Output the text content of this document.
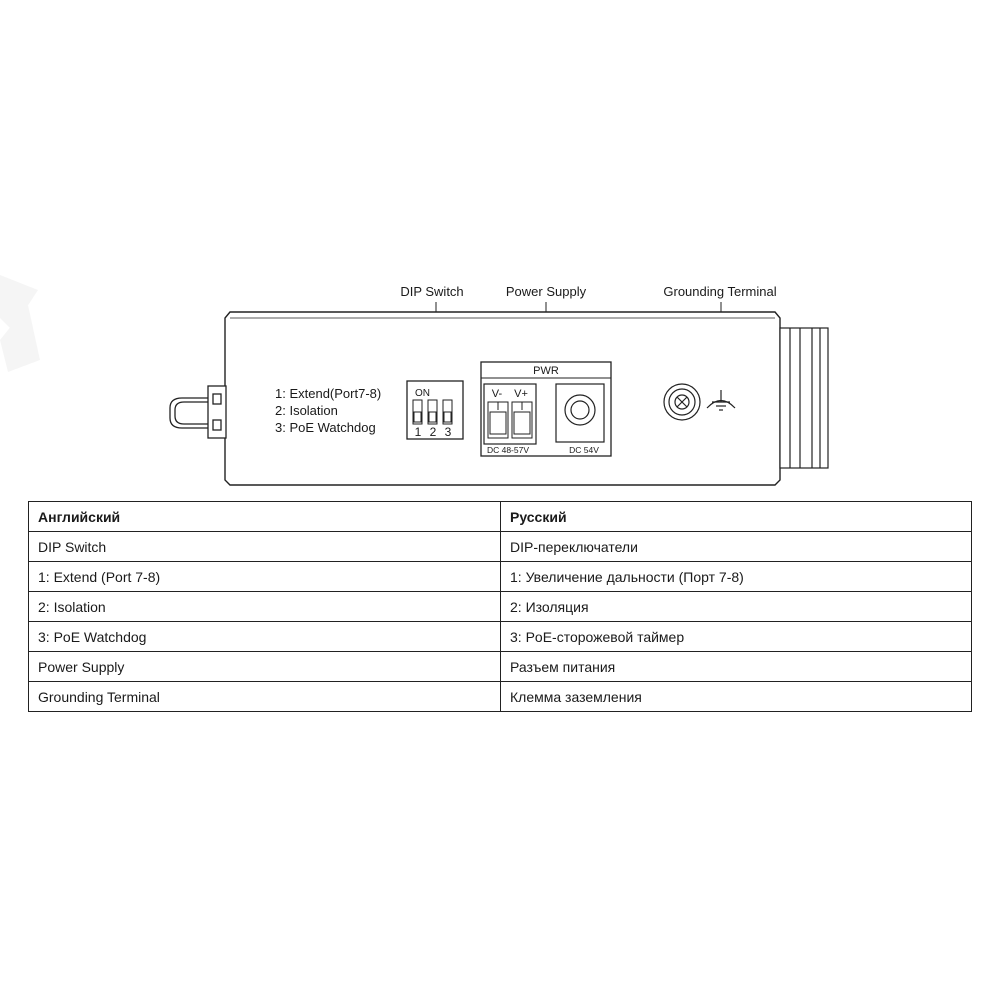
DIP Switch	Power Supply	Grounding Terminal
1: Extend(Port7-8)
2: Isolation
3: PoE Watchdog
ON
1 2 3
PWR
V- V+
DC 48-57V	DC 54V
Английский	Русский
DIP Switch	DIP-переключатели
1: Extend (Port 7-8)	1: Увеличение дальности (Порт 7-8)
2: Isolation	2: Изоляция
3: PoE Watchdog	3: PoE-сторожевой таймер
Power Supply	Разъем питания
Grounding Terminal	Клемма заземления
